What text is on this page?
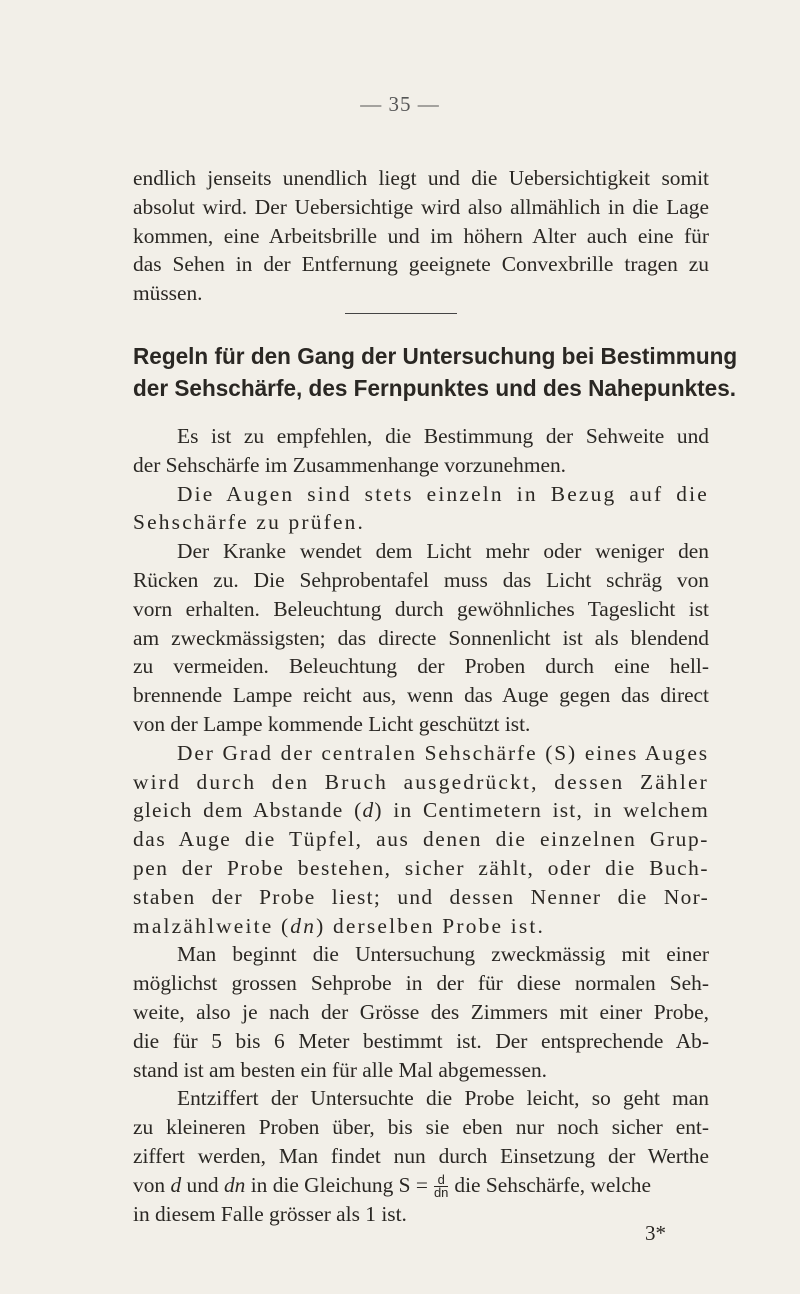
— 35 —
endlich jenseits unendlich liegt und die Uebersichtigkeit somit
absolut wird. Der Uebersichtige wird also allmählich in die Lage
kommen, eine Arbeitsbrille und im höhern Alter auch eine für
das Sehen in der Entfernung geeignete Convexbrille tragen zu
müssen.
Regeln für den Gang der Untersuchung bei Bestimmung
der Sehschärfe, des Fernpunktes und des Nahepunktes.
Es ist zu empfehlen, die Bestimmung der Sehweite und
der Sehschärfe im Zusammenhange vorzunehmen.
Die Augen sind stets einzeln in Bezug auf die
Sehschärfe zu prüfen.
Der Kranke wendet dem Licht mehr oder weniger den
Rücken zu. Die Sehprobentafel muss das Licht schräg von
vorn erhalten. Beleuchtung durch gewöhnliches Tageslicht ist
am zweckmässigsten; das directe Sonnenlicht ist als blendend
zu vermeiden. Beleuchtung der Proben durch eine hell-
brennende Lampe reicht aus, wenn das Auge gegen das direct
von der Lampe kommende Licht geschützt ist.
Der Grad der centralen Sehschärfe (S) eines Auges
wird durch den Bruch ausgedrückt, dessen Zähler
gleich dem Abstande (d) in Centimetern ist, in welchem
das Auge die Tüpfel, aus denen die einzelnen Grup-
pen der Probe bestehen, sicher zählt, oder die Buch-
staben der Probe liest; und dessen Nenner die Nor-
malzählweite (dn) derselben Probe ist.
Man beginnt die Untersuchung zweckmässig mit einer
möglichst grossen Sehprobe in der für diese normalen Seh-
weite, also je nach der Grösse des Zimmers mit einer Probe,
die für 5 bis 6 Meter bestimmt ist. Der entsprechende Ab-
stand ist am besten ein für alle Mal abgemessen.
Entziffert der Untersuchte die Probe leicht, so geht man
zu kleineren Proben über, bis sie eben nur noch sicher ent-
ziffert werden, Man findet nun durch Einsetzung der Werthe
von d und dn in die Gleichung $S = \frac{d}{dn}$ die Sehschärfe, welche
in diesem Falle grösser als 1 ist.
3*
